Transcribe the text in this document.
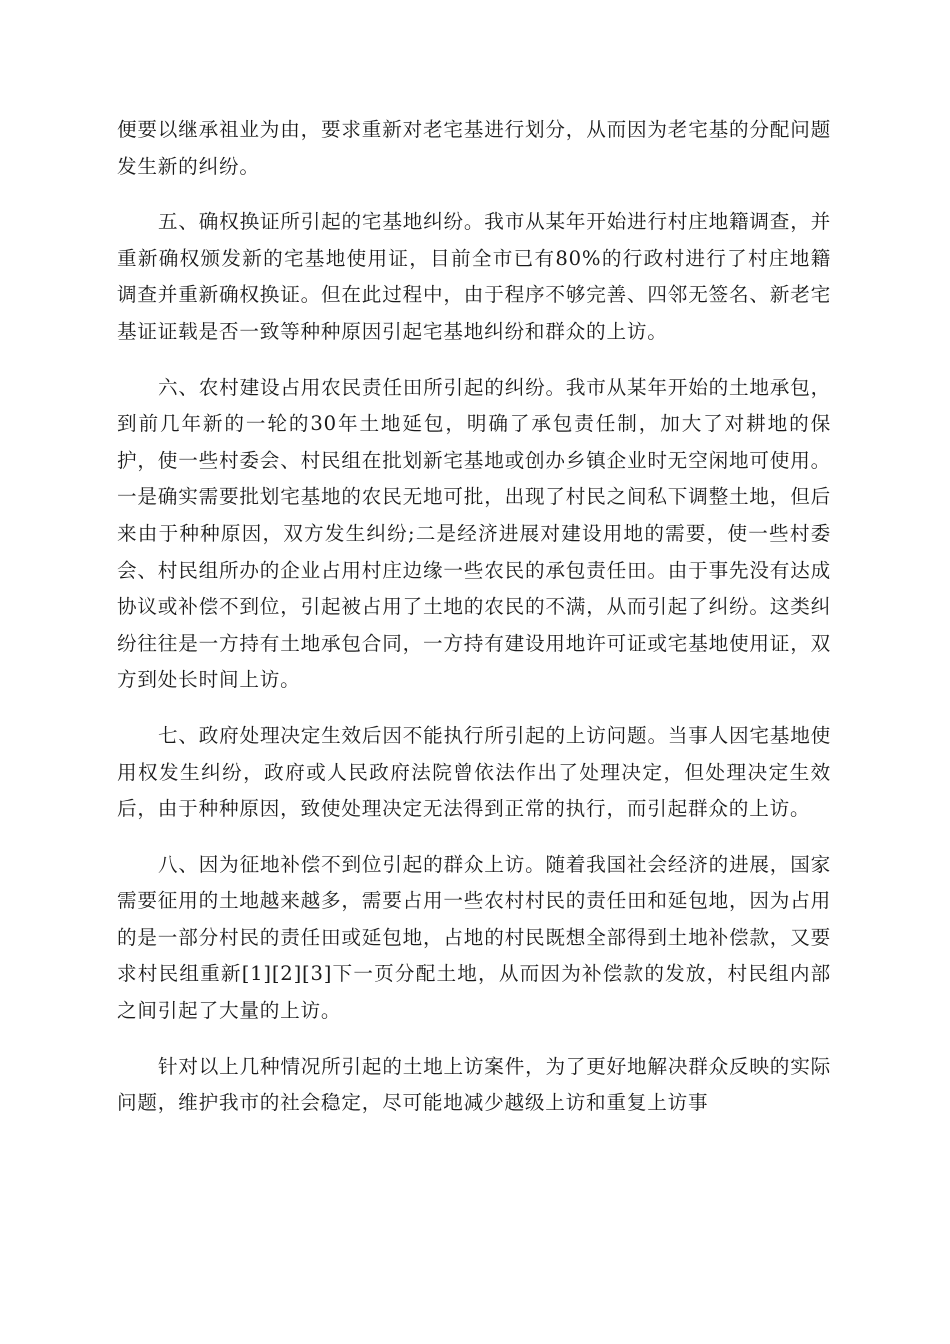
便要以继承祖业为由，要求重新对老宅基进行划分，从而因为老宅基的分配问题发生新的纠纷。

五、确权换证所引起的宅基地纠纷。我市从某年开始进行村庄地籍调查，并重新确权颁发新的宅基地使用证，目前全市已有80%的行政村进行了村庄地籍调查并重新确权换证。但在此过程中，由于程序不够完善、四邻无签名、新老宅基证证载是否一致等种种原因引起宅基地纠纷和群众的上访。

六、农村建设占用农民责任田所引起的纠纷。我市从某年开始的土地承包，到前几年新的一轮的30年土地延包，明确了承包责任制，加大了对耕地的保护，使一些村委会、村民组在批划新宅基地或创办乡镇企业时无空闲地可使用。一是确实需要批划宅基地的农民无地可批，出现了村民之间私下调整土地，但后来由于种种原因，双方发生纠纷;二是经济进展对建设用地的需要，使一些村委会、村民组所办的企业占用村庄边缘一些农民的承包责任田。由于事先没有达成协议或补偿不到位，引起被占用了土地的农民的不满，从而引起了纠纷。这类纠纷往往是一方持有土地承包合同，一方持有建设用地许可证或宅基地使用证，双方到处长时间上访。

七、政府处理决定生效后因不能执行所引起的上访问题。当事人因宅基地使用权发生纠纷，政府或人民政府法院曾依法作出了处理决定，但处理决定生效后，由于种种原因，致使处理决定无法得到正常的执行，而引起群众的上访。

八、因为征地补偿不到位引起的群众上访。随着我国社会经济的进展，国家需要征用的土地越来越多，需要占用一些农村村民的责任田和延包地，因为占用的是一部分村民的责任田或延包地，占地的村民既想全部得到土地补偿款，又要求村民组重新[1][2][3]下一页分配土地，从而因为补偿款的发放，村民组内部之间引起了大量的上访。

针对以上几种情况所引起的土地上访案件，为了更好地解决群众反映的实际问题，维护我市的社会稳定，尽可能地减少越级上访和重复上访事
